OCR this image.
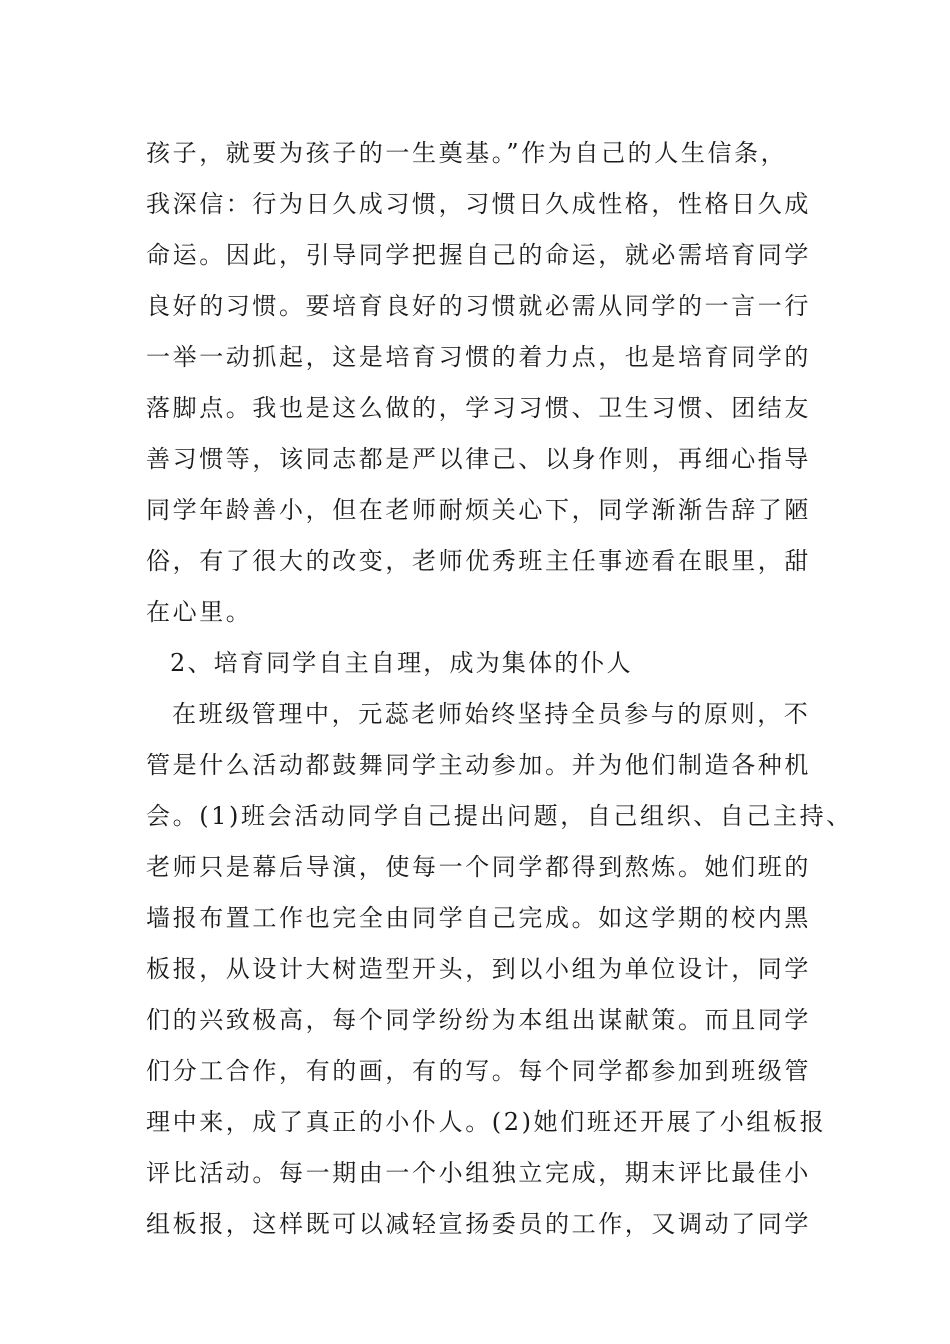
孩子，就要为孩子的一生奠基。”作为自己的人生信条，
我深信：行为日久成习惯，习惯日久成性格，性格日久成
命运。因此，引导同学把握自己的命运，就必需培育同学
良好的习惯。要培育良好的习惯就必需从同学的一言一行
一举一动抓起，这是培育习惯的着力点，也是培育同学的
落脚点。我也是这么做的，学习习惯、卫生习惯、团结友
善习惯等，该同志都是严以律己、以身作则，再细心指导
同学年龄善小，但在老师耐烦关心下，同学渐渐告辞了陋
俗，有了很大的改变，老师优秀班主任事迹看在眼里，甜
在心里。
2、培育同学自主自理，成为集体的仆人
在班级管理中，元蕊老师始终坚持全员参与的原则，不
管是什么活动都鼓舞同学主动参加。并为他们制造各种机
会。(1)班会活动同学自己提出问题，自己组织、自己主持、
老师只是幕后导演，使每一个同学都得到熬炼。她们班的
墙报布置工作也完全由同学自己完成。如这学期的校内黑
板报，从设计大树造型开头，到以小组为单位设计，同学
们的兴致极高，每个同学纷纷为本组出谋献策。而且同学
们分工合作，有的画，有的写。每个同学都参加到班级管
理中来，成了真正的小仆人。(2)她们班还开展了小组板报
评比活动。每一期由一个小组独立完成，期末评比最佳小
组板报，这样既可以减轻宣扬委员的工作，又调动了同学
